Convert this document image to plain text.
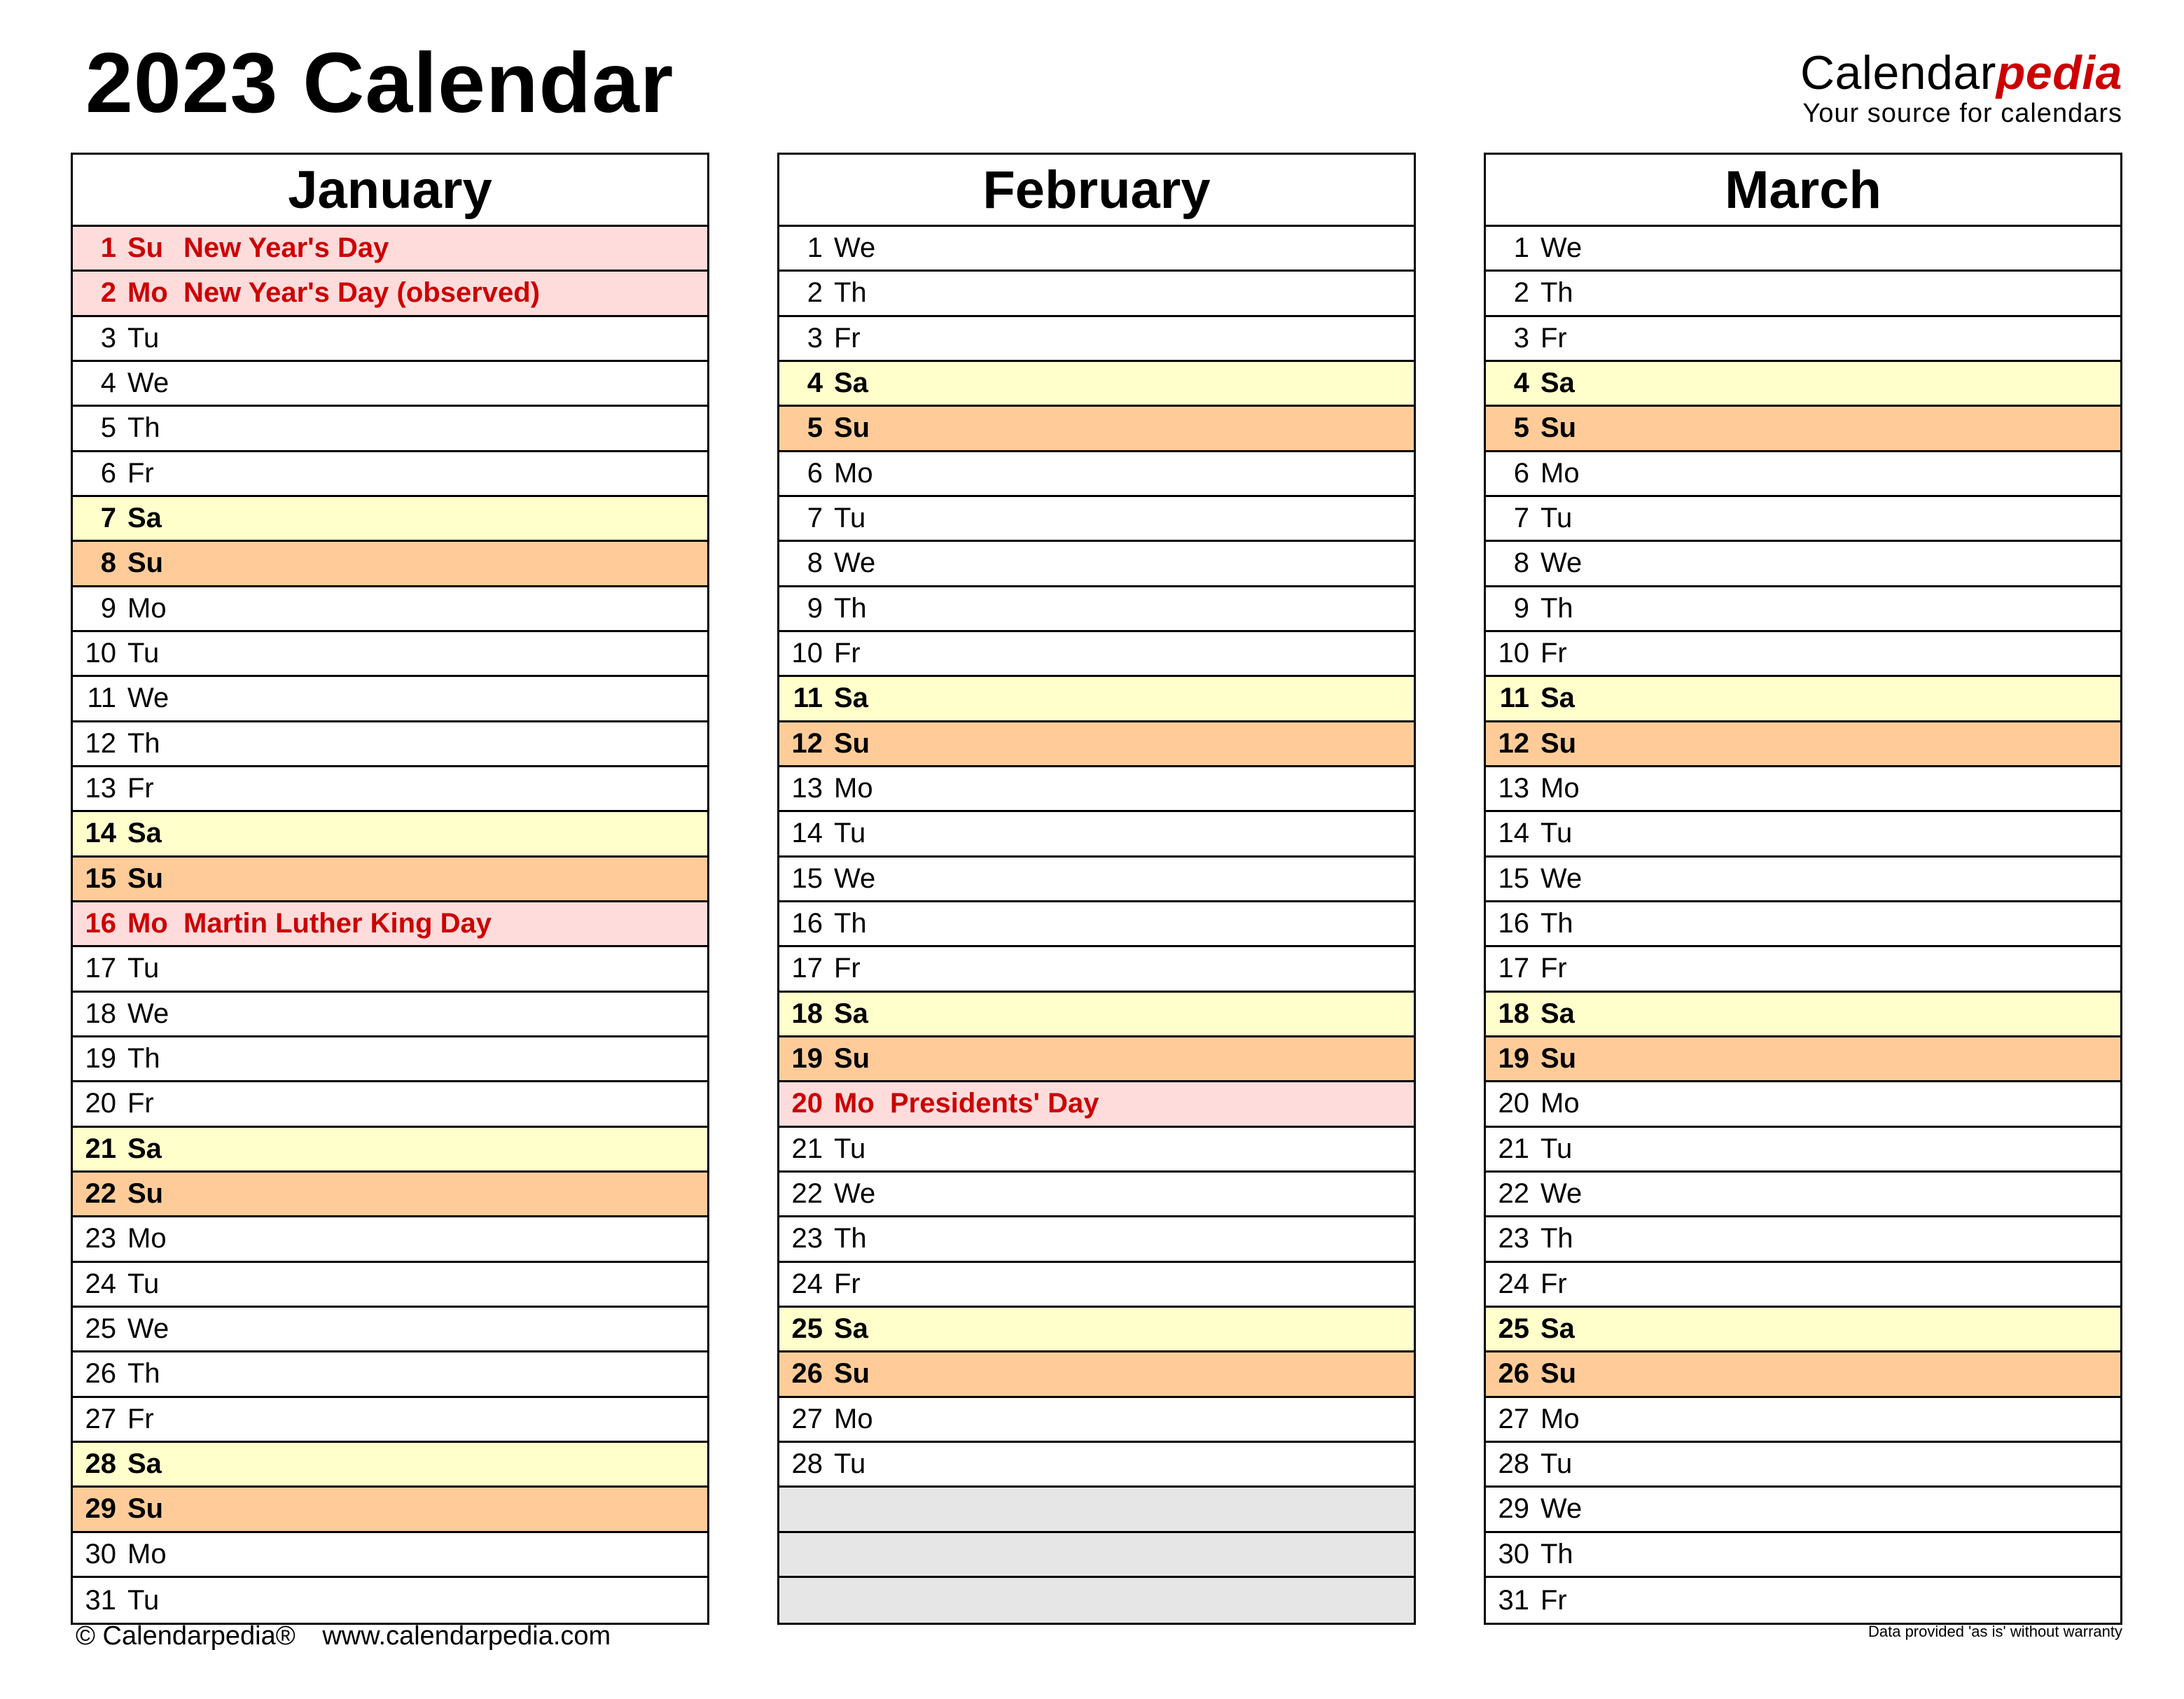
2023 Calendar	Calendarpedia
Your source for calendars
January
1 Su New Year's Day
2 Mo New Year's Day (observed)
3 Tu
4 We
5 Th
6 Fr
7 Sa
8 Su
9 Mo
10 Tu
11 We
12 Th
13 Fr
14 Sa
15 Su
16 Mo Martin Luther King Day
17 Tu
18 We
19 Th
20 Fr
21 Sa
22 Su
23 Mo
24 Tu
25 We
26 Th
27 Fr
28 Sa
29 Su
30 Mo
31 Tu
February
1 We
2 Th
3 Fr
4 Sa
5 Su
6 Mo
7 Tu
8 We
9 Th
10 Fr
11 Sa
12 Su
13 Mo
14 Tu
15 We
16 Th
17 Fr
18 Sa
19 Su
20 Mo Presidents' Day
21 Tu
22 We
23 Th
24 Fr
25 Sa
26 Su
27 Mo
28 Tu
March
1 We
2 Th
3 Fr
4 Sa
5 Su
6 Mo
7 Tu
8 We
9 Th
10 Fr
11 Sa
12 Su
13 Mo
14 Tu
15 We
16 Th
17 Fr
18 Sa
19 Su
20 Mo
21 Tu
22 We
23 Th
24 Fr
25 Sa
26 Su
27 Mo
28 Tu
29 We
30 Th
31 Fr
© Calendarpedia® www.calendarpedia.com	Data provided 'as is' without warranty
